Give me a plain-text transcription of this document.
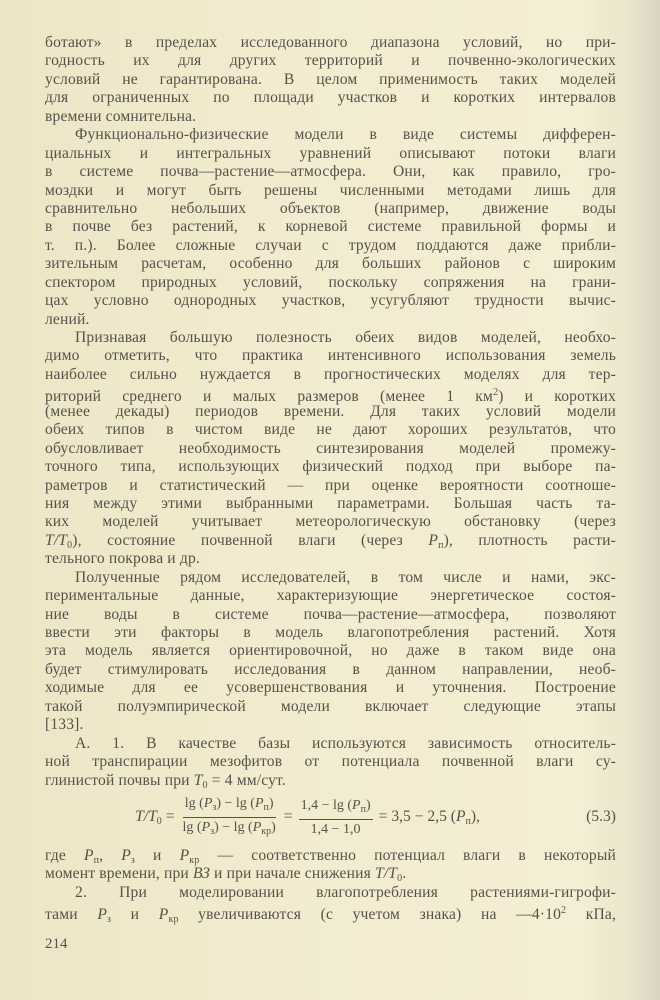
ботают» в пределах исследованного диапазона условий, но при-
годность их для других территорий и почвенно-экологических
условий не гарантирована. В целом применимость таких моделей
для ограниченных по площади участков и коротких интервалов
времени сомнительна.
Функционально-физические модели в виде системы дифферен-
циальных и интегральных уравнений описывают потоки влаги
в системе почва—растение—атмосфера. Они, как правило, гро-
моздки и могут быть решены численными методами лишь для
сравнительно небольших объектов (например, движение воды
в почве без растений, к корневой системе правильной формы и
т. п.). Более сложные случаи с трудом поддаются даже прибли-
зительным расчетам, особенно для больших районов с широким
спектором природных условий, поскольку сопряжения на грани-
цах условно однородных участков, усугубляют трудности вычис-
лений.
Признавая большую полезность обеих видов моделей, необхо-
димо отметить, что практика интенсивного использования земель
наиболее сильно нуждается в прогностических моделях для тер-
риторий среднего и малых размеров (менее 1 $км^2$) и коротких
(менее декады) периодов времени. Для таких условий модели
обеих типов в чистом виде не дают хороших результатов, что
обусловливает необходимость синтезирования моделей промежу-
точного типа, использующих физический подход при выборе па-
раметров и статистический — при оценке вероятности соотноше-
ния между этими выбранными параметрами. Большая часть та-
ких моделей учитывает метеорологическую обстановку (через
$T/T_0$), состояние почвенной влаги (через $P_п$), плотность расти-
тельного покрова и др.
Полученные рядом исследователей, в том числе и нами, экс-
периментальные данные, характеризующие энергетическое состоя-
ние воды в системе почва—растение—атмосфера, позволяют
ввести эти факторы в модель влагопотребления растений. Хотя
эта модель является ориентировочной, но даже в таком виде она
будет стимулировать исследования в данном направлении, необ-
ходимые для ее усовершенствования и уточнения. Построение
такой полуэмпирической модели включает следующие этапы
[133].
А. 1. В качестве базы используются зависимость относитель-
ной транспирации мезофитов от потенциала почвенной влаги су-
глинистой почвы при $T_0 = 4$ мм/сут.
$T/T_0 = \frac{\lg (P_з) - \lg (P_п)}{\lg (P_з) - \lg (P_{кр})} = \frac{1,4 - \lg (P_п)}{1,4 - 1,0} = 3,5 - 2,5$ $(P_п)$,	(5.3)
где $P_п$, $P_з$ и $P_{кр}$ — соответственно потенциал влаги в некоторый
момент времени, при ВЗ и при начале снижения $T/T_0$.
2. При моделировании влагопотребления растениями-гигрофи-
тами $P_з$ и $P_{кр}$ увеличиваются (с учетом знака) на $—4\cdot 10^2$ кПа,
214
